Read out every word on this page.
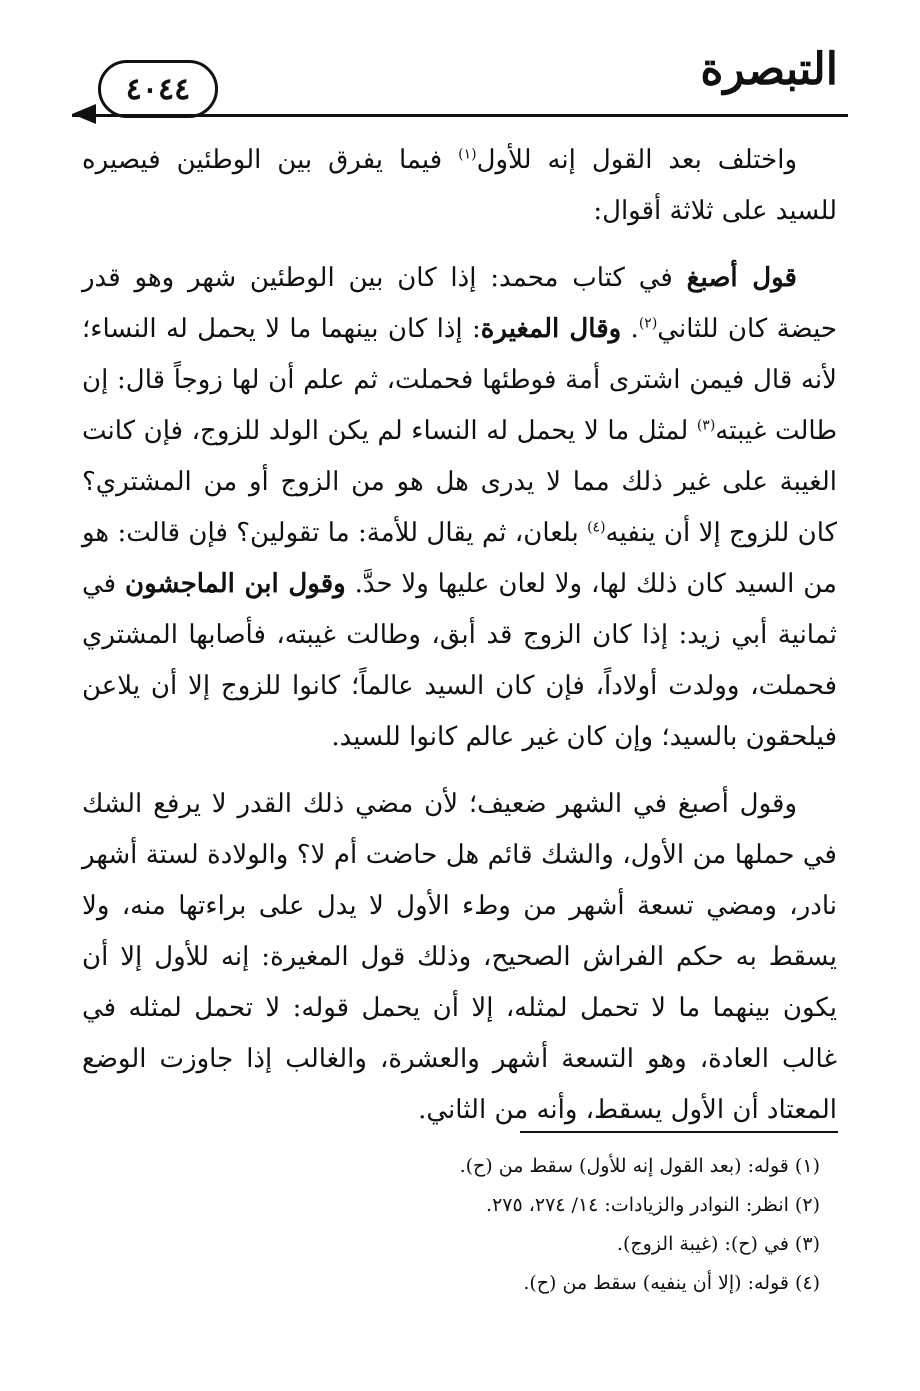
التبصرة
٤٠٤٤

واختلف بعد القول إنه للأول$^{(١)}$ فيما يفرق بين الوطئين فيصيره للسيد على ثلاثة أقوال:

قول أصبغ في كتاب محمد: إذا كان بين الوطئين شهر وهو قدر حيضة كان للثاني$^{(٢)}$. وقال المغيرة: إذا كان بينهما ما لا يحمل له النساء؛ لأنه قال فيمن اشترى أمة فوطئها فحملت، ثم علم أن لها زوجاً قال: إن طالت غيبته$^{(٣)}$ لمثل ما لا يحمل له النساء لم يكن الولد للزوج، فإن كانت الغيبة على غير ذلك مما لا يدرى هل هو من الزوج أو من المشتري؟ كان للزوج إلا أن ينفيه$^{(٤)}$ بلعان، ثم يقال للأمة: ما تقولين؟ فإن قالت: هو من السيد كان ذلك لها، ولا لعان عليها ولا حدَّ. وقول ابن الماجشون في ثمانية أبي زيد: إذا كان الزوج قد أبق، وطالت غيبته، فأصابها المشتري فحملت، وولدت أولاداً، فإن كان السيد عالماً؛ كانوا للزوج إلا أن يلاعن فيلحقون بالسيد؛ وإن كان غير عالم كانوا للسيد.

وقول أصبغ في الشهر ضعيف؛ لأن مضي ذلك القدر لا يرفع الشك في حملها من الأول، والشك قائم هل حاضت أم لا؟ والولادة لستة أشهر نادر، ومضي تسعة أشهر من وطء الأول لا يدل على براءتها منه، ولا يسقط به حكم الفراش الصحيح، وذلك قول المغيرة: إنه للأول إلا أن يكون بينهما ما لا تحمل لمثله، إلا أن يحمل قوله: لا تحمل لمثله في غالب العادة، وهو التسعة أشهر والعشرة، والغالب إذا جاوزت الوضع المعتاد أن الأول يسقط، وأنه من الثاني.

(١) قوله: (بعد القول إنه للأول) سقط من (ح).
(٢) انظر: النوادر والزيادات: ١٤/ ٢٧٤، ٢٧٥.
(٣) في (ح): (غيبة الزوج).
(٤) قوله: (إلا أن ينفيه) سقط من (ح).
